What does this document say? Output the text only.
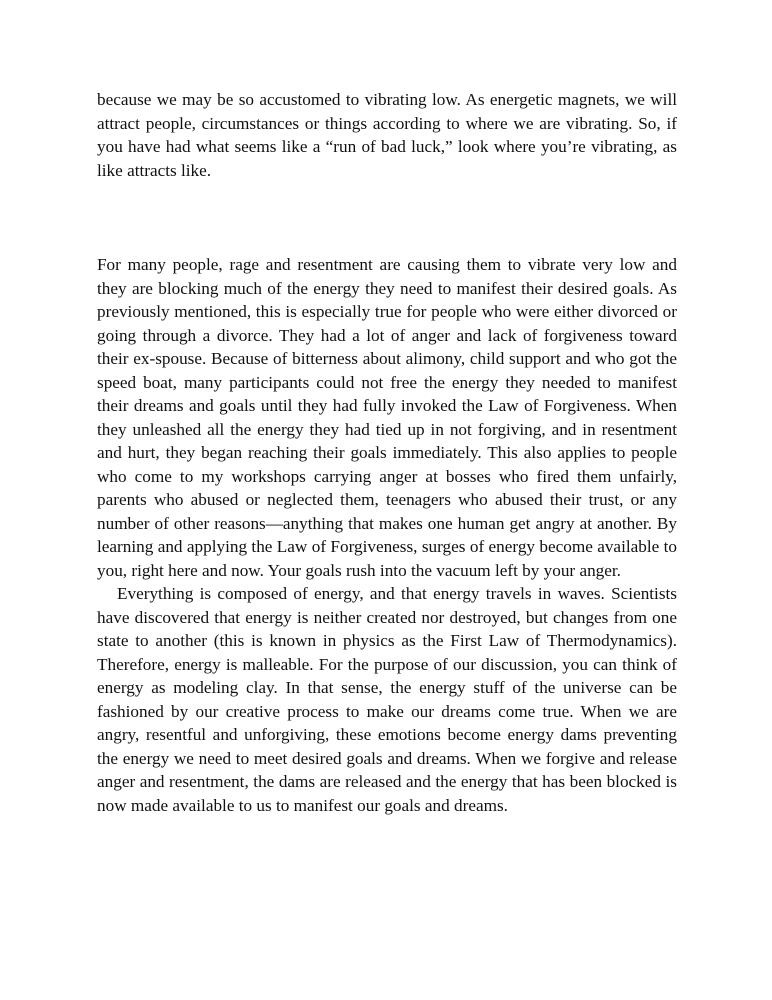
because we may be so accustomed to vibrating low. As energetic magnets, we will attract people, circumstances or things according to where we are vibrating. So, if you have had what seems like a “run of bad luck,” look where you’re vibrating, as like attracts like.

For many people, rage and resentment are causing them to vibrate very low and they are blocking much of the energy they need to manifest their desired goals. As previously mentioned, this is especially true for people who were either divorced or going through a divorce. They had a lot of anger and lack of forgiveness toward their ex-spouse. Because of bitterness about alimony, child support and who got the speed boat, many participants could not free the energy they needed to manifest their dreams and goals until they had fully invoked the Law of Forgiveness. When they unleashed all the energy they had tied up in not forgiving, and in resentment and hurt, they began reaching their goals immediately. This also applies to people who come to my workshops carrying anger at bosses who fired them unfairly, parents who abused or neglected them, teenagers who abused their trust, or any number of other reasons—anything that makes one human get angry at another. By learning and applying the Law of Forgiveness, surges of energy become available to you, right here and now. Your goals rush into the vacuum left by your anger.

Everything is composed of energy, and that energy travels in waves. Scientists have discovered that energy is neither created nor destroyed, but changes from one state to another (this is known in physics as the First Law of Thermodynamics). Therefore, energy is malleable. For the purpose of our discussion, you can think of energy as modeling clay. In that sense, the energy stuff of the universe can be fashioned by our creative process to make our dreams come true. When we are angry, resentful and unforgiving, these emotions become energy dams preventing the energy we need to meet desired goals and dreams. When we forgive and release anger and resentment, the dams are released and the energy that has been blocked is now made available to us to manifest our goals and dreams.
